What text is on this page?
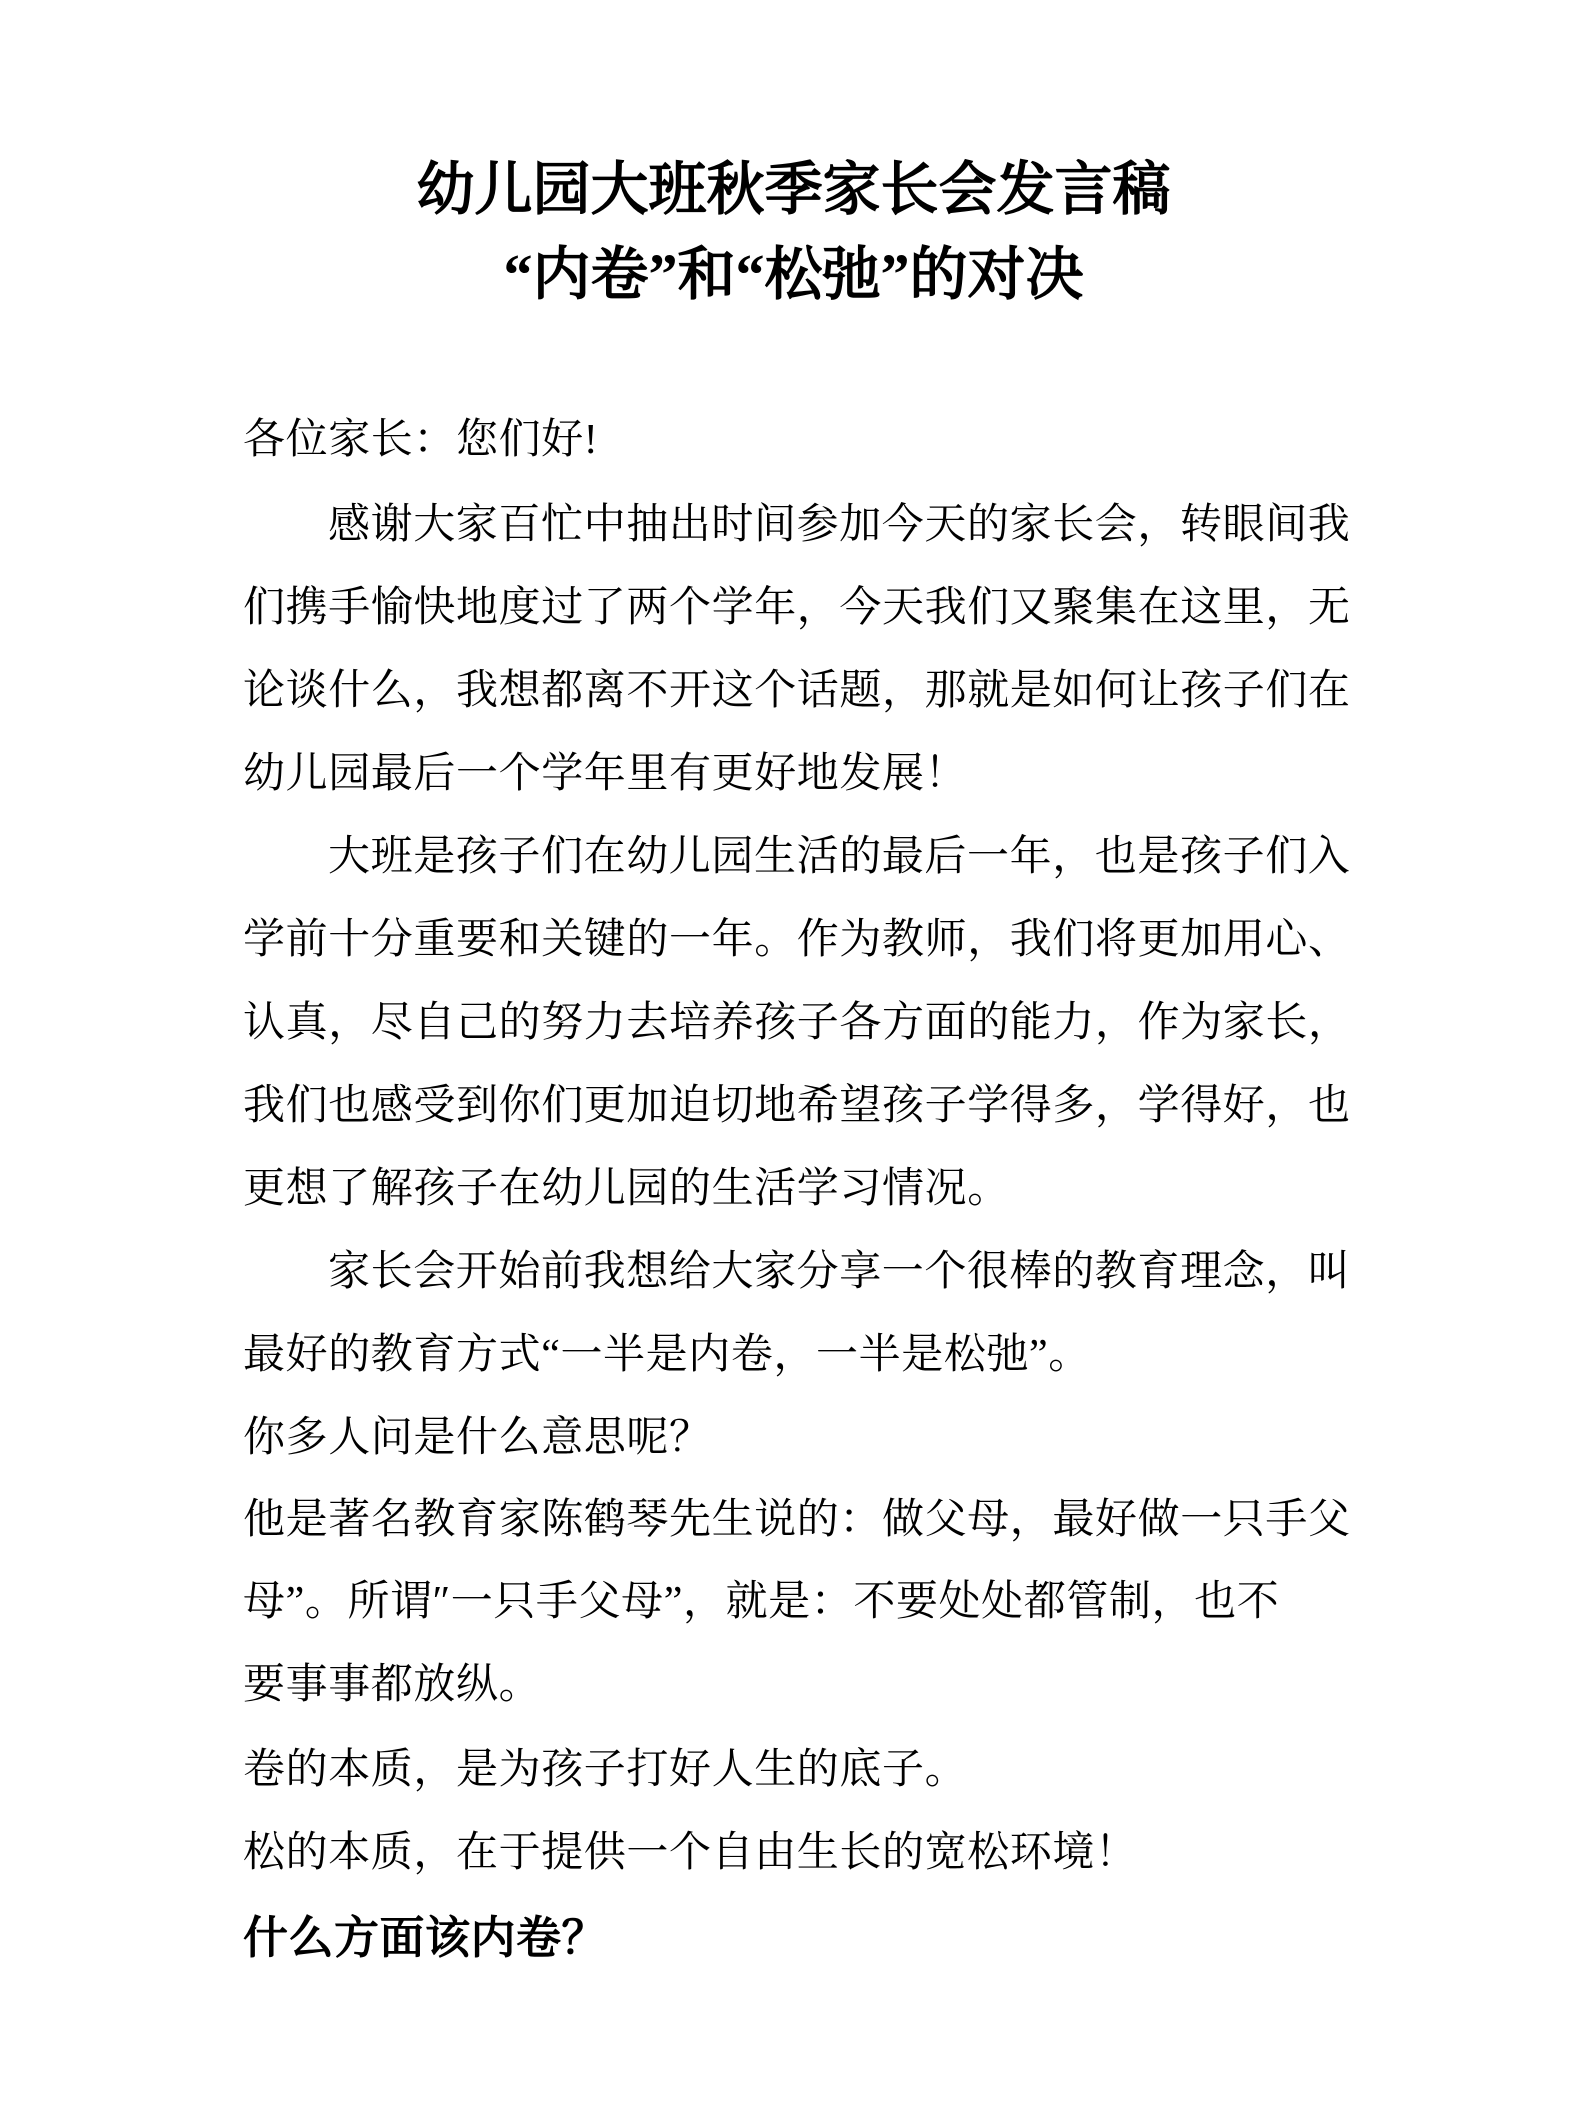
幼儿园大班秋季家长会发言稿
“内卷”和“松弛”的对决
各位家长：您们好!
感谢大家百忙中抽出时间参加今天的家长会，转眼间我
们携手愉快地度过了两个学年，今天我们又聚集在这里，无
论谈什么，我想都离不开这个话题，那就是如何让孩子们在
幼儿园最后一个学年里有更好地发展！
大班是孩子们在幼儿园生活的最后一年，也是孩子们入
学前十分重要和关键的一年。作为教师，我们将更加用心、
认真，尽自己的努力去培养孩子各方面的能力，作为家长，
我们也感受到你们更加迫切地希望孩子学得多，学得好，也
更想了解孩子在幼儿园的生活学习情况。
家长会开始前我想给大家分享一个很棒的教育理念，叫
最好的教育方式“一半是内卷，一半是松弛”。
你多人问是什么意思呢？
他是著名教育家陈鹤琴先生说的：做父母，最好做一只手父
母”。所谓″一只手父母”，就是：不要处处都管制，也不
要事事都放纵。
卷的本质，是为孩子打好人生的底子。
松的本质，在于提供一个自由生长的宽松环境！
什么方面该内卷？
